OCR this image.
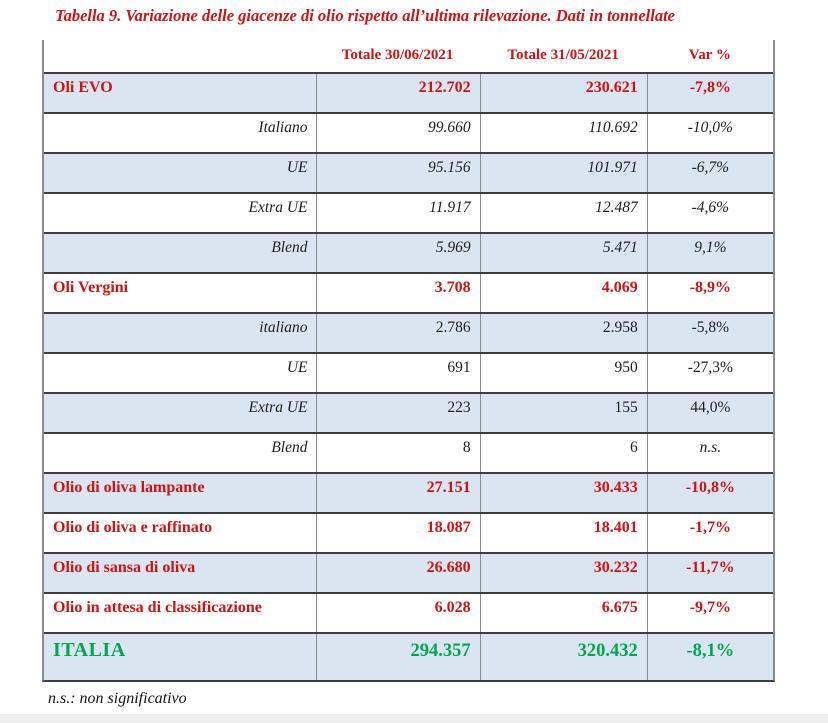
Tabella 9. Variazione delle giacenze di olio rispetto all’ultima rilevazione. Dati in tonnellate
Totale 30/06/2021	Totale 31/05/2021	Var %
Oli EVO	212.702	230.621	-7,8%
Italiano	99.660	110.692	-10,0%
UE	95.156	101.971	-6,7%
Extra UE	11.917	12.487	-4,6%
Blend	5.969	5.471	9,1%
Oli Vergini	3.708	4.069	-8,9%
italiano	2.786	2.958	-5,8%
UE	691	950	-27,3%
Extra UE	223	155	44,0%
Blend	8	6	n.s.
Olio di oliva lampante	27.151	30.433	-10,8%
Olio di oliva e raffinato	18.087	18.401	-1,7%
Olio di sansa di oliva	26.680	30.232	-11,7%
Olio in attesa di classificazione	6.028	6.675	-9,7%
ITALIA	294.357	320.432	-8,1%
n.s.: non significativo
